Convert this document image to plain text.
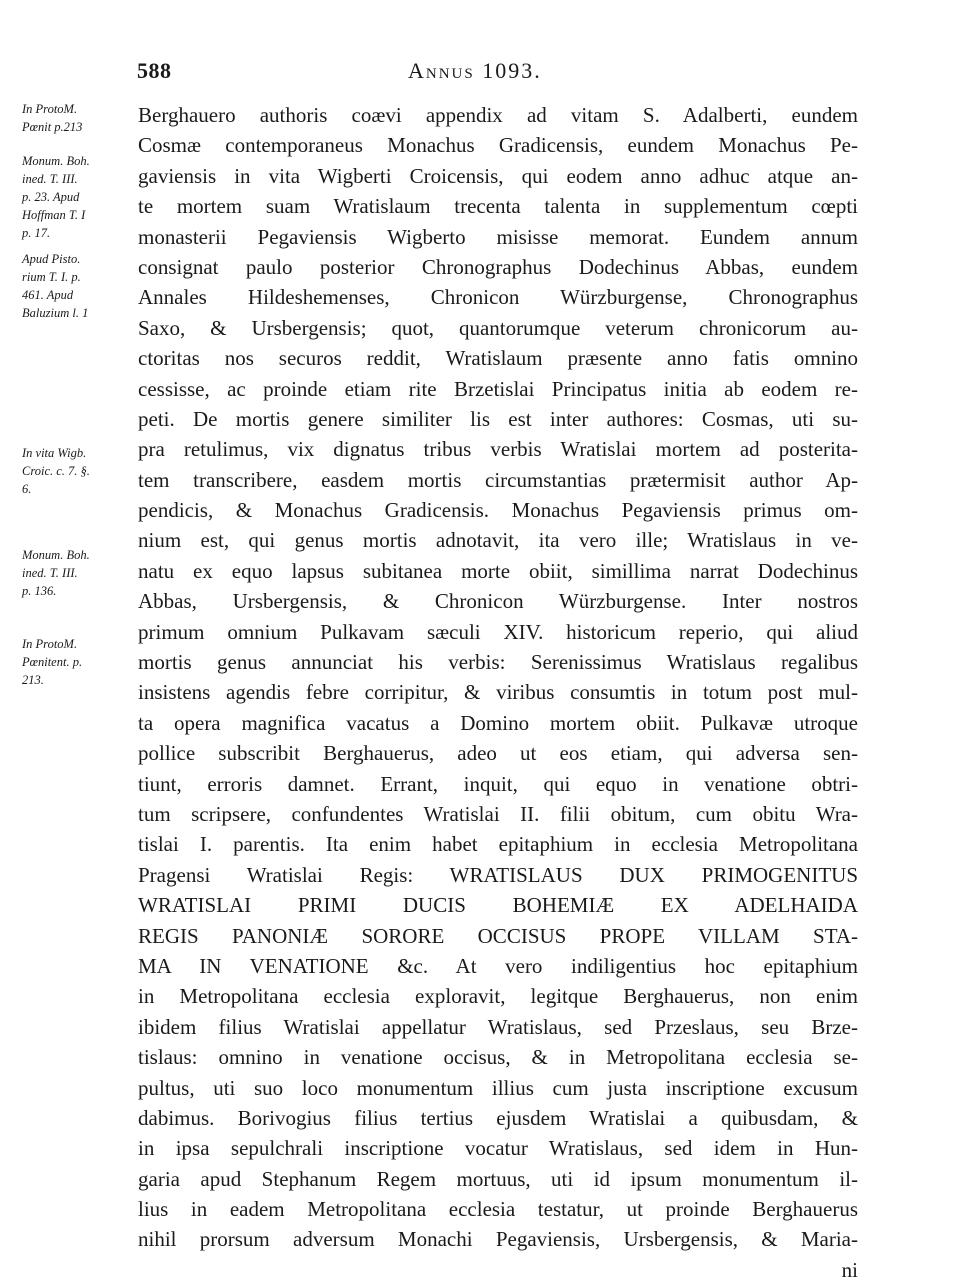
588	Annus 1093.
In ProtoM.
Pœnit p.213
Monum. Boh.
ined. T. III.
p. 23. Apud
Hoffman T. I
p. 17.
Apud Pisto.
rium T. I. p.
461. Apud
Baluzium l. 1
In vita Wigb.
Croic. c. 7. §.
6.
Monum. Boh.
ined. T. III.
p. 136.
In ProtoM.
Pœnitent. p.
213.
Berghauero authoris coævi appendix ad vitam S. Adalberti, eundem
Cosmæ contemporaneus Monachus Gradicensis, eundem Monachus Pe-
gaviensis in vita Wigberti Croicensis, qui eodem anno adhuc atque an-
te mortem suam Wratislaum trecenta talenta in supplementum cœpti
monasterii Pegaviensis Wigberto misisse memorat. Eundem annum
consignat paulo posterior Chronographus Dodechinus Abbas, eundem
Annales Hildeshemenses, Chronicon Würzburgense, Chronographus
Saxo, & Ursbergensis; quot, quantorumque veterum chronicorum au-
ctoritas nos securos reddit, Wratislaum præsente anno fatis omnino
cessisse, ac proinde etiam rite Brzetislai Principatus initia ab eodem re-
peti. De mortis genere similiter lis est inter authores: Cosmas, uti su-
pra retulimus, vix dignatus tribus verbis Wratislai mortem ad posterita-
tem transcribere, easdem mortis circumstantias prætermisit author Ap-
pendicis, & Monachus Gradicensis. Monachus Pegaviensis primus om-
nium est, qui genus mortis adnotavit, ita vero ille; Wratislaus in ve-
natu ex equo lapsus subitanea morte obiit, simillima narrat Dodechinus
Abbas, Ursbergensis, & Chronicon Würzburgense. Inter nostros
primum omnium Pulkavam sæculi XIV. historicum reperio, qui aliud
mortis genus annunciat his verbis: Serenissimus Wratislaus regalibus
insistens agendis febre corripitur, & viribus consumtis in totum post mul-
ta opera magnifica vacatus a Domino mortem obiit. Pulkavæ utroque
pollice subscribit Berghauerus, adeo ut eos etiam, qui adversa sen-
tiunt, erroris damnet. Errant, inquit, qui equo in venatione obtri-
tum scripsere, confundentes Wratislai II. filii obitum, cum obitu Wra-
tislai I. parentis. Ita enim habet epitaphium in ecclesia Metropolitana
Pragensi Wratislai Regis: WRATISLAUS DUX PRIMOGENITUS
WRATISLAI PRIMI DUCIS BOHEMIÆ EX ADELHAIDA
REGIS PANONIÆ SORORE OCCISUS PROPE VILLAM STA-
MA IN VENATIONE &c. At vero indiligentius hoc epitaphium
in Metropolitana ecclesia exploravit, legitque Berghauerus, non enim
ibidem filius Wratislai appellatur Wratislaus, sed Przeslaus, seu Brze-
tislaus: omnino in venatione occisus, & in Metropolitana ecclesia se-
pultus, uti suo loco monumentum illius cum justa inscriptione excusum
dabimus. Borivogius filius tertius ejusdem Wratislai a quibusdam, &
in ipsa sepulchrali inscriptione vocatur Wratislaus, sed idem in Hun-
garia apud Stephanum Regem mortuus, uti id ipsum monumentum il-
lius in eadem Metropolitana ecclesia testatur, ut proinde Berghauerus
nihil prorsum adversum Monachi Pegaviensis, Ursbergensis, & Maria-
ni
